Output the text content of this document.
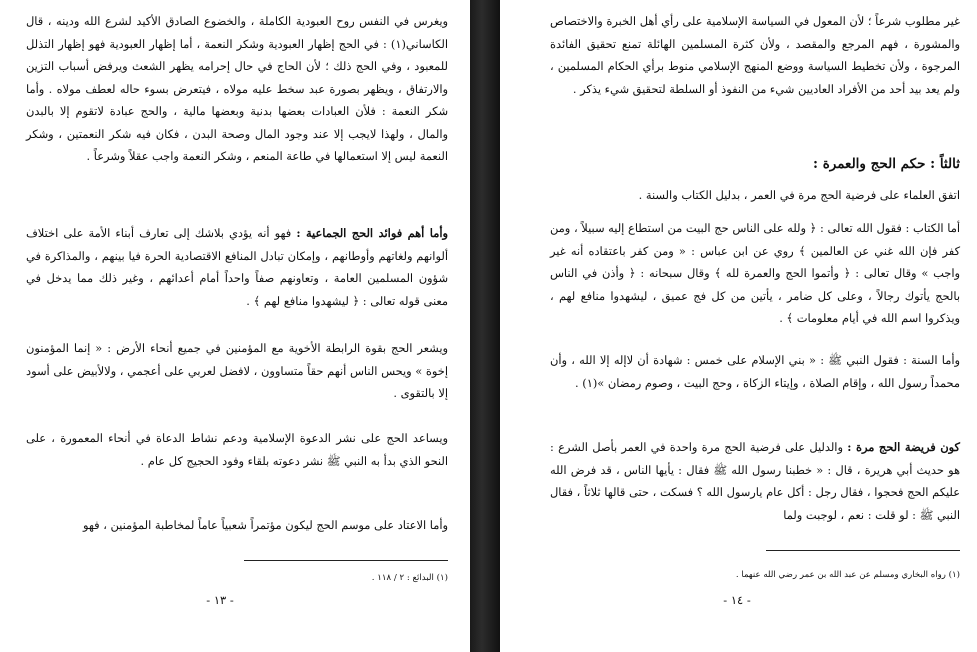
ويغرس في النفس روح العبودية الكاملة ، والخضوع الصادق الأكيد لشرع الله ودينه ، قال الكاساني(١) : في الحج إظهار العبودية وشكر النعمة ، أما إظهار العبودية فهو إظهار التذلل للمعبود ، وفي الحج ذلك ؛ لأن الحاج في حال إحرامه يظهر الشعث ويرفض أسباب التزين والارتفاق ، ويظهر بصورة عبد سخط عليه مولاه ، فيتعرض بسوء حاله لعطف مولاه . وأما شكر النعمة : فلأن العبادات بعضها بدنية وبعضها مالية ، والحج عبادة لاتقوم إلا بالبدن والمال ، ولهذا لايجب إلا عند وجود المال وصحة البدن ، فكان فيه شكر النعمتين ، وشكر النعمة ليس إلا استعمالها في طاعة المنعم ، وشكر النعمة واجب عقلاً وشرعاً .

وأما أهم فوائد الحج الجماعية : فهو أنه يؤدي بلاشك إلى تعارف أبناء الأمة على اختلاف ألوانهم ولغاتهم وأوطانهم ، وإمكان تبادل المنافع الاقتصادية الحرة فيا بينهم ، والمذاكرة في شؤون المسلمين العامة ، وتعاونهم صفاً واحداً أمام أعدائهم ، وغير ذلك مما يدخل في معنى قوله تعالى : ﴿ ليشهدوا منافع لهم ﴾ .

ويشعر الحج بقوة الرابطة الأخوية مع المؤمنين في جميع أنحاء الأرض : « إنما المؤمنون إخوة » ويحس الناس أنهم حقاً متساوون ، لافضل لعربي على أعجمي ، ولالأبيض على أسود إلا بالتقوى .

ويساعد الحج على نشر الدعوة الإسلامية ودعم نشاط الدعاة في أنحاء المعمورة ، على النحو الذي بدأ به النبي ﷺ نشر دعوته بلقاء وفود الحجيج كل عام .

وأما الاعتاد على موسم الحج ليكون مؤتمراً شعبياً عاماً لمخاطبة المؤمنين ، فهو

(١) البدائع : ٢ / ١١٨ .
- ١٣ -

غير مطلوب شرعاً ؛ لأن المعول في السياسة الإسلامية على رأي أهل الخبرة والاختصاص والمشورة ، فهم المرجع والمقصد ، ولأن كثرة المسلمين الهائلة تمنع تحقيق الفائدة المرجوة ، ولأن تخطيط السياسة ووضع المنهج الإسلامي منوط برأي الحكام المسلمين ، ولم يعد بيد أحد من الأفراد العاديين شيء من النفوذ أو السلطة لتحقيق شيء يذكر .

ثالثاً : حكم الحج والعمرة :

اتفق العلماء على فرضية الحج مرة في العمر ، بدليل الكتاب والسنة .

أما الكتاب : فقول الله تعالى : ﴿ ولله على الناس حج البيت من استطاع إليه سبيلاً ، ومن كفر فإن الله غني عن العالمين ﴾ روي عن ابن عباس : « ومن كفر باعتقاده أنه غير واجب » وقال تعالى : ﴿ وأتموا الحج والعمرة لله ﴾ وقال سبحانه : ﴿ وأذن في الناس بالحج يأتوك رجالاً ، وعلى كل ضامر ، يأتين من كل فج عميق ، ليشهدوا منافع لهم ، ويذكروا اسم الله في أيام معلومات ﴾ .

وأما السنة : فقول النبي ﷺ : « بني الإسلام على خمس : شهادة أن لاإله إلا الله ، وأن محمداً رسول الله ، وإقام الصلاة ، وإيتاء الزكاة ، وحج البيت ، وصوم رمضان »(١) .

كون فريضة الحج مرة : والدليل على فرضية الحج مرة واحدة في العمر بأصل الشرع : هو حديث أبي هريرة ، قال : « خطبنا رسول الله ﷺ فقال : يأيها الناس ، قد فرض الله عليكم الحج فحجوا ، فقال رجل : أكل عام يارسول الله ؟ فسكت ، حتى قالها ثلاثاً ، فقال النبي ﷺ : لو قلت : نعم ، لوجبت ولما

(١) رواه البخاري ومسلم عن عبد الله بن عمر رضي الله عنهما .
- ١٤ -
